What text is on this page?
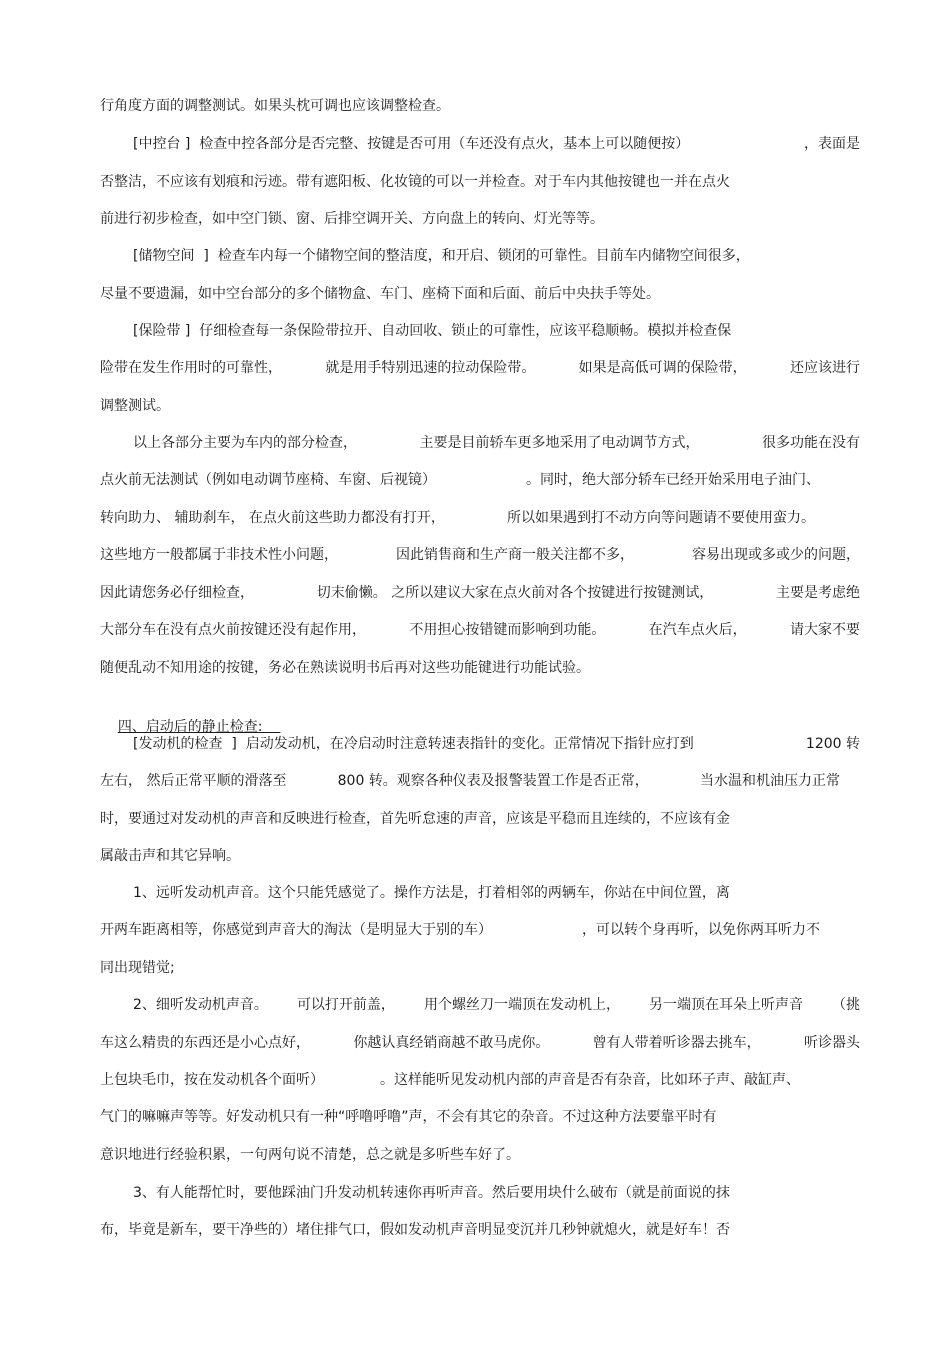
行角度方面的调整测试。如果头枕可调也应该调整检查。
[中控台 ]  检查中控各部分是否完整、按键是否可用（车还没有点火，基本上可以随便按）	，表面是
否整洁，不应该有划痕和污迹。带有遮阳板、化妆镜的可以一并检查。对于车内其他按键也一并在点火
前进行初步检查，如中空门锁、窗、后排空调开关、方向盘上的转向、灯光等等。
[储物空间  ]  检查车内每一个储物空间的整洁度，和开启、锁闭的可靠性。目前车内储物空间很多，
尽量不要遗漏，如中空台部分的多个储物盒、车门、座椅下面和后面、前后中央扶手等处。
[保险带 ]  仔细检查每一条保险带拉开、自动回收、锁止的可靠性，应该平稳顺畅。模拟并检查保
险带在发生作用时的可靠性，	就是用手特别迅速的拉动保险带。	如果是高低可调的保险带，	还应该进行
调整测试。
以上各部分主要为车内的部分检查，	主要是目前轿车更多地采用了电动调节方式，	很多功能在没有
点火前无法测试（例如电动调节座椅、车窗、后视镜）	。同时，绝大部分轿车已经开始采用电子油门、
转向助力、 辅助刹车， 在点火前这些助力都没有打开，	所以如果遇到打不动方向等问题请不要使用蛮力。
这些地方一般都属于非技术性小问题，	因此销售商和生产商一般关注都不多，	容易出现或多或少的问题，
因此请您务必仔细检查，	切末偷懒。 之所以建议大家在点火前对各个按键进行按键测试，	主要是考虑绝
大部分车在没有点火前按键还没有起作用，	不用担心按错键而影响到功能。	在汽车点火后，	请大家不要
随便乱动不知用途的按键，务必在熟读说明书后再对这些功能键进行功能试验。

四、启动后的静止检查:

[发动机的检查  ]  启动发动机，在冷启动时注意转速表指针的变化。正常情况下指针应打到	1200 转
左右， 然后正常平顺的滑落至	800 转。观察各种仪表及报警装置工作是否正常，	当水温和机油压力正常
时，要通过对发动机的声音和反映进行检查，首先听怠速的声音，应该是平稳而且连续的，不应该有金
属敲击声和其它异响。
1、远听发动机声音。这个只能凭感觉了。操作方法是，打着相邻的两辆车，你站在中间位置，离
开两车距离相等，你感觉到声音大的淘汰（是明显大于别的车）	，可以转个身再听，以免你两耳听力不
同出现错觉;
2、细听发动机声音。 可以打开前盖， 用个螺丝刀一端顶在发动机上， 另一端顶在耳朵上听声音 （挑
车这么精贵的东西还是小心点好，	你越认真经销商越不敢马虎你。	曾有人带着听诊器去挑车，	听诊器头
上包块毛巾，按在发动机各个面听）	。这样能听见发动机内部的声音是否有杂音，比如环子声、敲缸声、
气门的嘛嘛声等等。好发动机只有一种“呼噜呼噜”声，不会有其它的杂音。不过这种方法要靠平时有
意识地进行经验积累，一句两句说不清楚，总之就是多听些车好了。
3、有人能帮忙时，要他踩油门升发动机转速你再听声音。然后要用块什么破布（就是前面说的抹
布，毕竟是新车，要干净些的）堵住排气口，假如发动机声音明显变沉并几秒钟就熄火，就是好车！否
